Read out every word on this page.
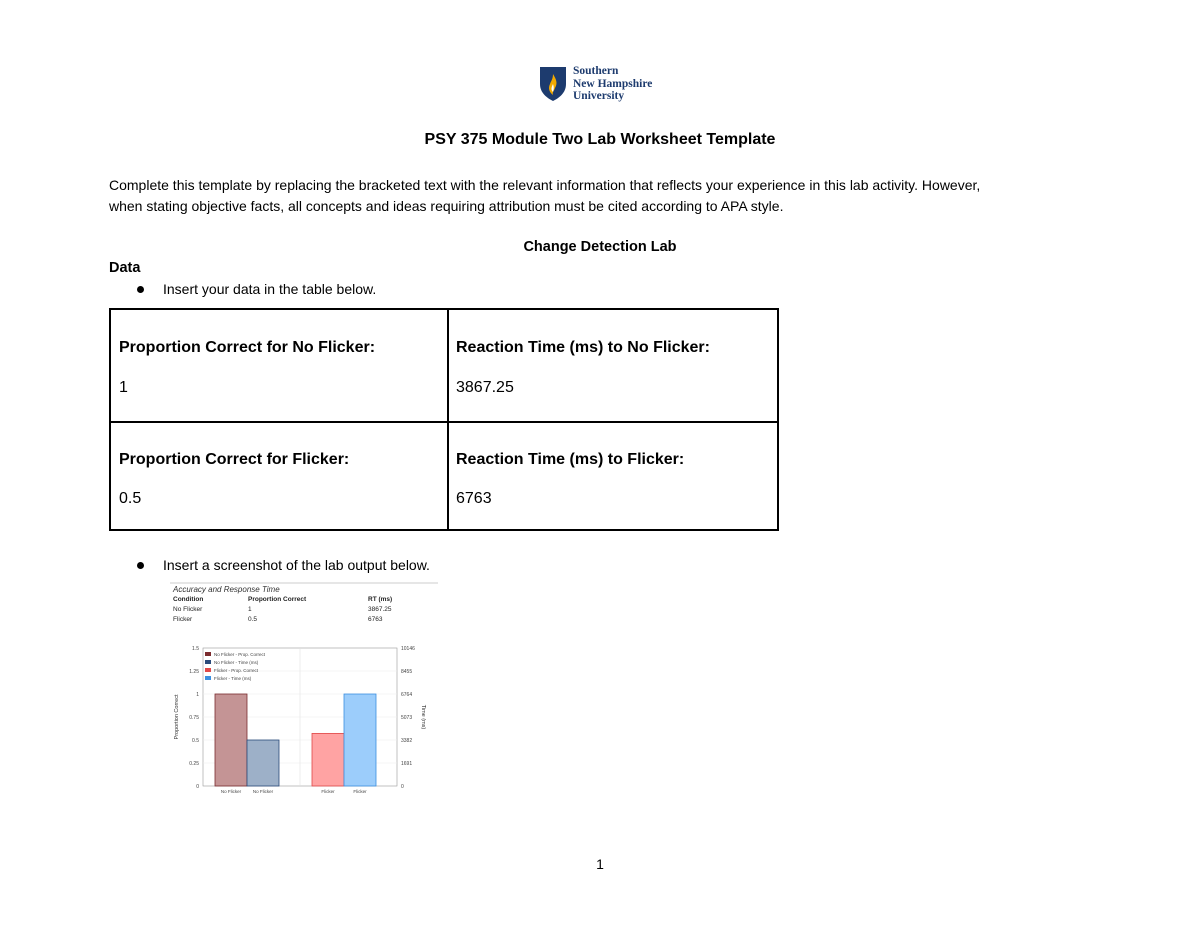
Southern
New Hampshire
University
PSY 375 Module Two Lab Worksheet Template
Complete this template by replacing the bracketed text with the relevant information that reflects your experience in this lab activity. However,
when stating objective facts, all concepts and ideas requiring attribution must be cited according to APA style.
Change Detection Lab
Data
Insert your data in the table below.
Proportion Correct for No Flicker:
1
Reaction Time (ms) to No Flicker:
3867.25
Proportion Correct for Flicker:
0.5
Reaction Time (ms) to Flicker:
6763
Insert a screenshot of the lab output below.
Accuracy and Response Time
Condition	Proportion Correct	RT (ms)
No Flicker	1	3867.25
Flicker	0.5	6763
0
0.25
0.5
0.75
1
1.25
1.5
0
1691
3382
5073
6764
8455
10146
Proportion Correct	Time (ms)
No Flicker	No Flicker	Flicker	Flicker
No Flicker - Prop. Correct
No Flicker - Time (ms)
Flicker - Prop. Correct
Flicker - Time (ms)
1
